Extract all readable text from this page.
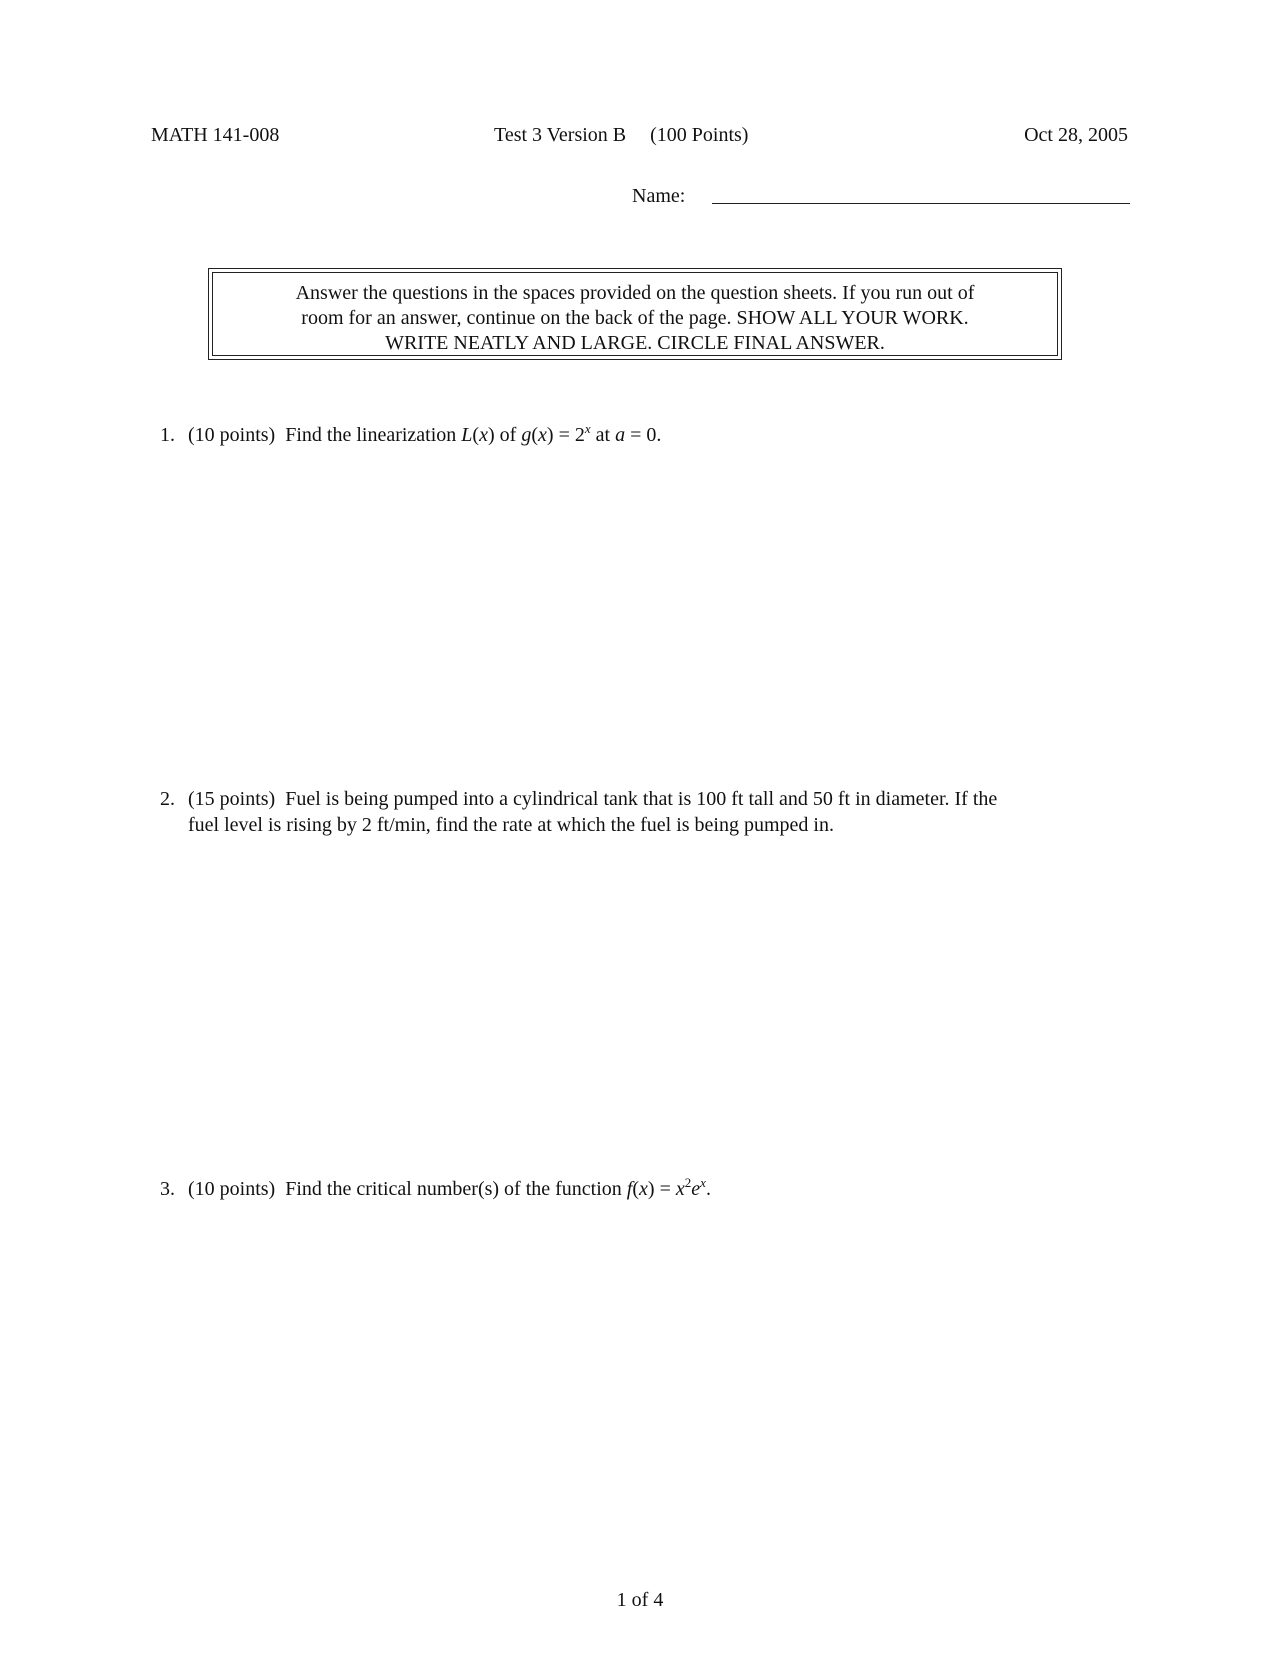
MATH 141-008	Test 3 Version B (100 Points)	Oct 28, 2005
Name:
Answer the questions in the spaces provided on the question sheets. If you run out of
room for an answer, continue on the back of the page. SHOW ALL YOUR WORK.
WRITE NEATLY AND LARGE. CIRCLE FINAL ANSWER.
1. (10 points) Find the linearization L(x) of $g(x) = 2^x$ at a = 0.
2. (15 points) Fuel is being pumped into a cylindrical tank that is 100 ft tall and 50 ft in diameter. If the
fuel level is rising by 2 ft/min, find the rate at which the fuel is being pumped in.
3. (10 points) Find the critical number(s) of the function $f(x) = x^2e^x$.
1 of 4
